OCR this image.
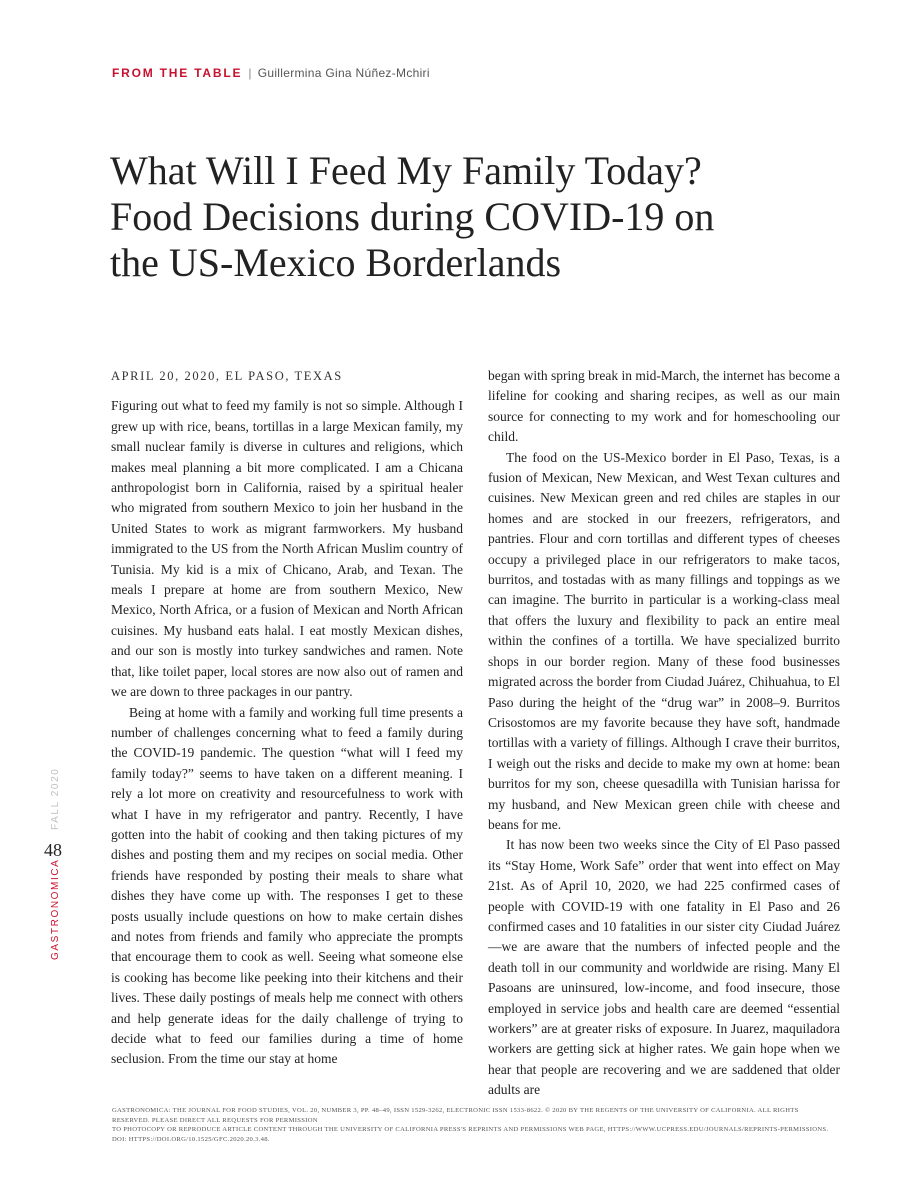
FROM THE TABLE | Guillermina Gina Núñez-Mchiri
What Will I Feed My Family Today?
Food Decisions during COVID-19 on
the US-Mexico Borderlands
FALL 2020
48
GASTRONOMICA
APRIL 20, 2020, EL PASO, TEXAS

Figuring out what to feed my family is not so simple. Although I grew up with rice, beans, tortillas in a large Mexican family, my small nuclear family is diverse in cultures and religions, which makes meal planning a bit more complicated. I am a Chicana anthropologist born in California, raised by a spiritual healer who migrated from southern Mexico to join her husband in the United States to work as migrant farmworkers. My husband immigrated to the US from the North African Muslim country of Tunisia. My kid is a mix of Chicano, Arab, and Texan. The meals I prepare at home are from southern Mexico, New Mexico, North Africa, or a fusion of Mexican and North African cuisines. My husband eats halal. I eat mostly Mexican dishes, and our son is mostly into turkey sandwiches and ramen. Note that, like toilet paper, local stores are now also out of ramen and we are down to three packages in our pantry.

Being at home with a family and working full time presents a number of challenges concerning what to feed a family during the COVID-19 pandemic. The question “what will I feed my family today?” seems to have taken on a different meaning. I rely a lot more on creativity and resourcefulness to work with what I have in my refrigerator and pantry. Recently, I have gotten into the habit of cooking and then taking pictures of my dishes and posting them and my recipes on social media. Other friends have responded by posting their meals to share what dishes they have come up with. The responses I get to these posts usually include questions on how to make certain dishes and notes from friends and family who appreciate the prompts that encourage them to cook as well. Seeing what someone else is cooking has become like peeking into their kitchens and their lives. These daily postings of meals help me connect with others and help generate ideas for the daily challenge of trying to decide what to feed our families during a time of home seclusion. From the time our stay at home

began with spring break in mid-March, the internet has become a lifeline for cooking and sharing recipes, as well as our main source for connecting to my work and for homeschooling our child.

The food on the US-Mexico border in El Paso, Texas, is a fusion of Mexican, New Mexican, and West Texan cultures and cuisines. New Mexican green and red chiles are staples in our homes and are stocked in our freezers, refrigerators, and pantries. Flour and corn tortillas and different types of cheeses occupy a privileged place in our refrigerators to make tacos, burritos, and tostadas with as many fillings and toppings as we can imagine. The burrito in particular is a working-class meal that offers the luxury and flexibility to pack an entire meal within the confines of a tortilla. We have specialized burrito shops in our border region. Many of these food businesses migrated across the border from Ciudad Juárez, Chihuahua, to El Paso during the height of the “drug war” in 2008–9. Burritos Crisostomos are my favorite because they have soft, handmade tortillas with a variety of fillings. Although I crave their burritos, I weigh out the risks and decide to make my own at home: bean burritos for my son, cheese quesadilla with Tunisian harissa for my husband, and New Mexican green chile with cheese and beans for me.

It has now been two weeks since the City of El Paso passed its “Stay Home, Work Safe” order that went into effect on May 21st. As of April 10, 2020, we had 225 confirmed cases of people with COVID-19 with one fatality in El Paso and 26 confirmed cases and 10 fatalities in our sister city Ciudad Juárez—we are aware that the numbers of infected people and the death toll in our community and worldwide are rising. Many El Pasoans are uninsured, low-income, and food insecure, those employed in service jobs and health care are deemed “essential workers” are at greater risks of exposure. In Juarez, maquiladora workers are getting sick at higher rates. We gain hope when we hear that people are recovering and we are saddened that older adults are

GASTRONOMICA: THE JOURNAL FOR FOOD STUDIES, VOL. 20, NUMBER 3, PP. 48–49, ISSN 1529-3262, ELECTRONIC ISSN 1533-8622. © 2020 BY THE REGENTS OF THE UNIVERSITY OF CALIFORNIA. ALL RIGHTS RESERVED. PLEASE DIRECT ALL REQUESTS FOR PERMISSION
TO PHOTOCOPY OR REPRODUCE ARTICLE CONTENT THROUGH THE UNIVERSITY OF CALIFORNIA PRESS'S REPRINTS AND PERMISSIONS WEB PAGE, HTTPS://WWW.UCPRESS.EDU/JOURNALS/REPRINTS-PERMISSIONS. DOI: HTTPS://DOI.ORG/10.1525/GFC.2020.20.3.48.
